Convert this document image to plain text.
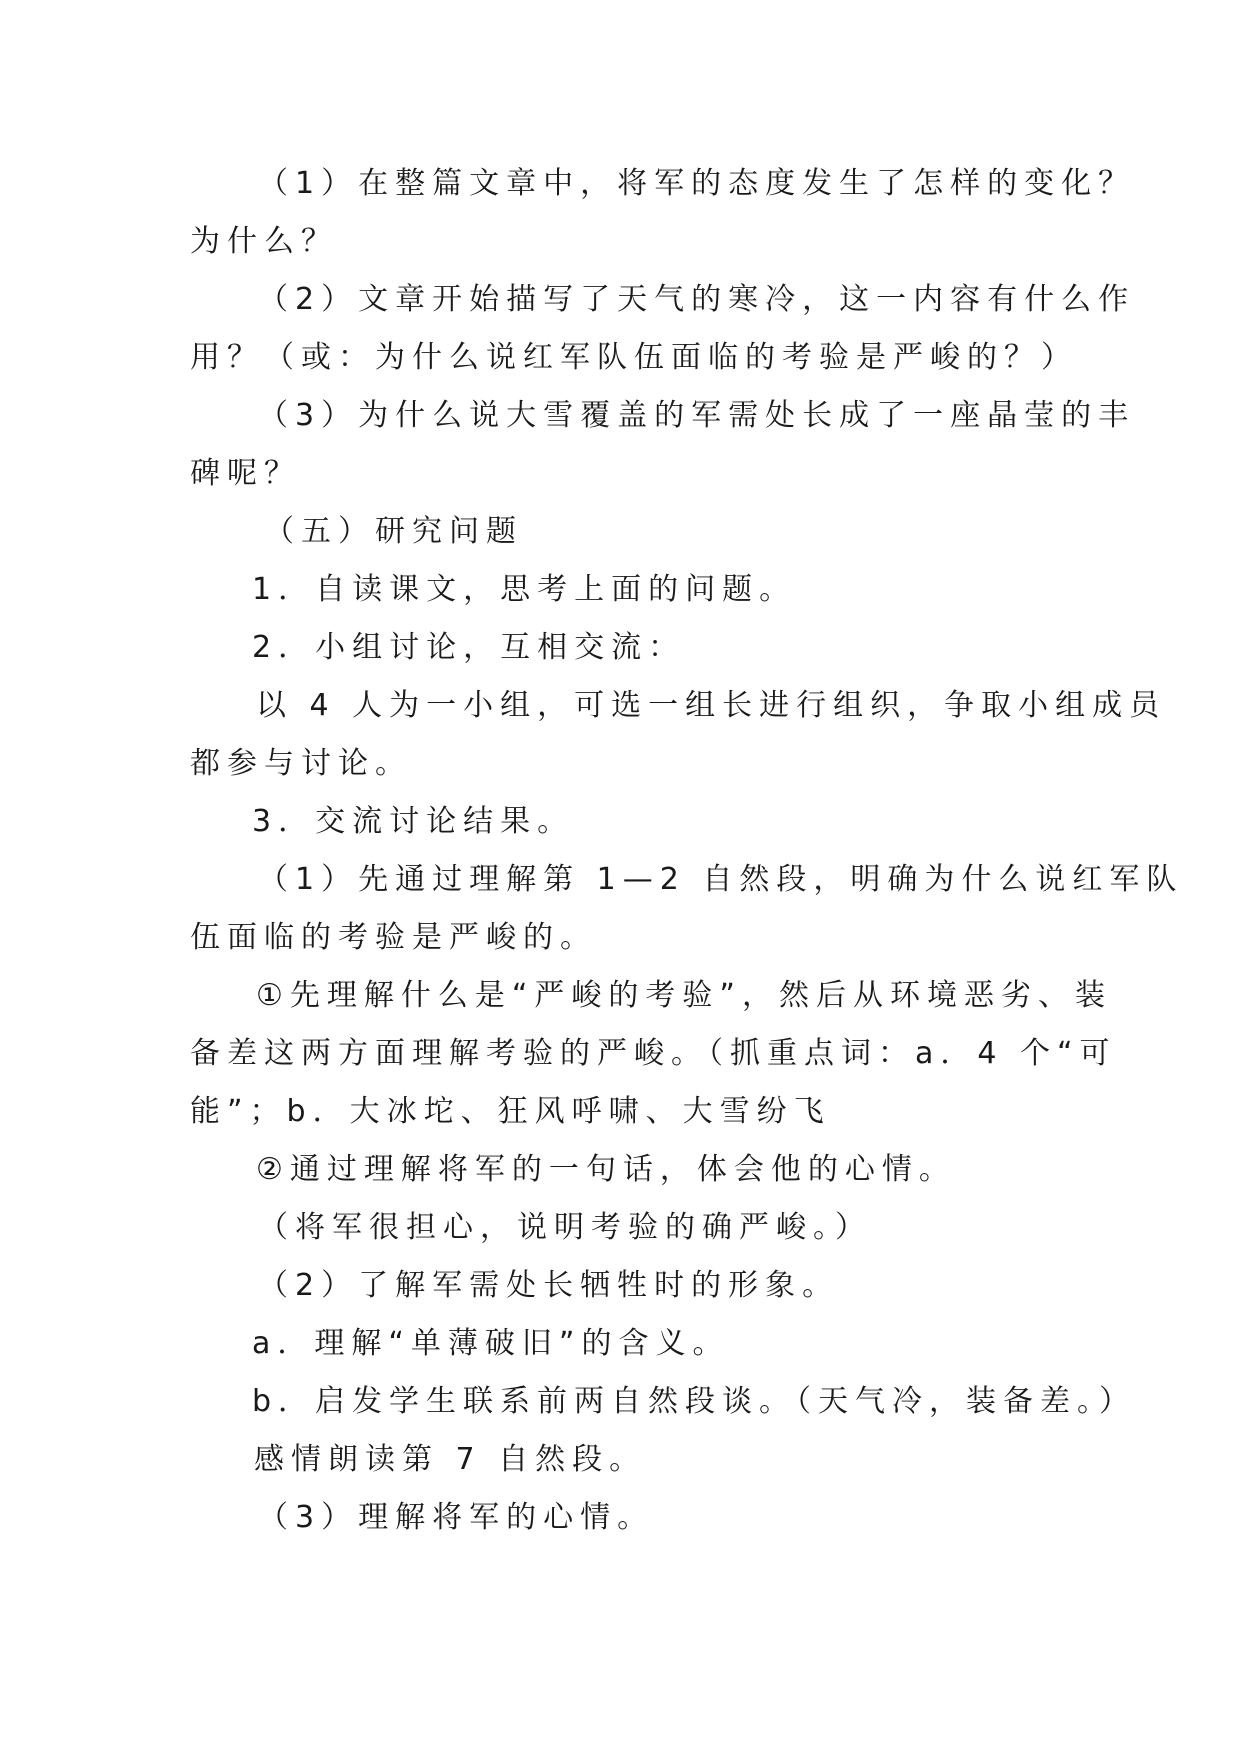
（1）在整篇文章中，将军的态度发生了怎样的变化？

为什么？

（2）文章开始描写了天气的寒冷，这一内容有什么作

用？（或：为什么说红军队伍面临的考验是严峻的？）

（3）为什么说大雪覆盖的军需处长成了一座晶莹的丰

碑呢？

（五）研究问题

1．自读课文，思考上面的问题。

2．小组讨论，互相交流：

以 4 人为一小组，可选一组长进行组织，争取小组成员

都参与讨论。

3．交流讨论结果。

（1）先通过理解第 1—2 自然段，明确为什么说红军队

伍面临的考验是严峻的。

①先理解什么是“严峻的考验”，然后从环境恶劣、装

备差这两方面理解考验的严峻。（抓重点词：a．4 个“可

能”；b．大冰坨、狂风呼啸、大雪纷飞

②通过理解将军的一句话，体会他的心情。

（将军很担心，说明考验的确严峻。）

（2）了解军需处长牺牲时的形象。

a．理解“单薄破旧”的含义。

b．启发学生联系前两自然段谈。（天气冷，装备差。）

感情朗读第 7 自然段。

（3）理解将军的心情。
